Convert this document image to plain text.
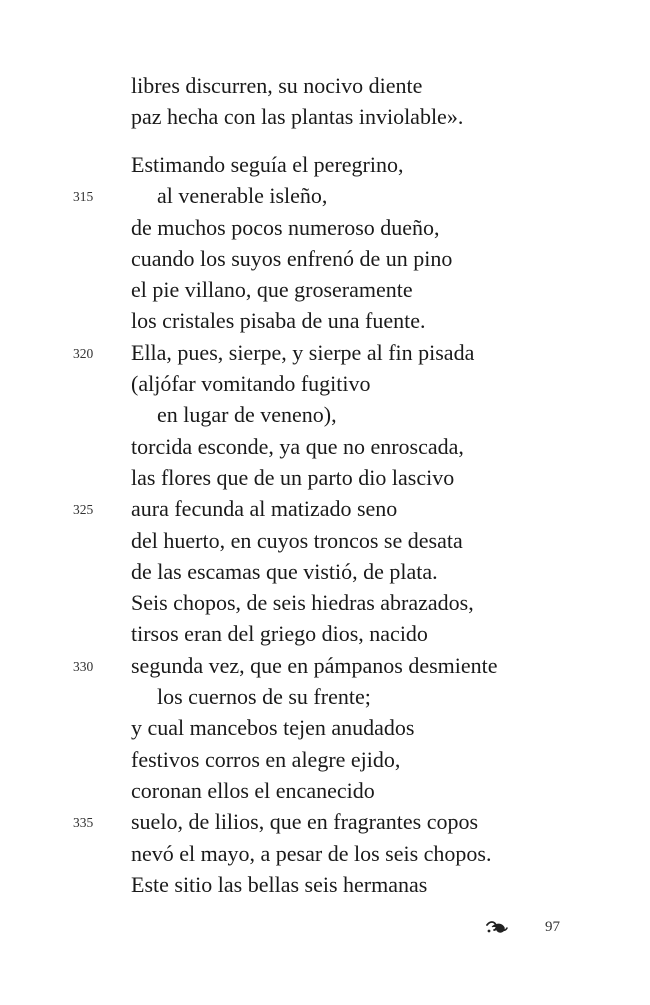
libres discurren, su nocivo diente
paz hecha con las plantas inviolable».
Estimando seguía el peregrino,
315	al venerable isleño,
de muchos pocos numeroso dueño,
cuando los suyos enfrenó de un pino
el pie villano, que groseramente
los cristales pisaba de una fuente.
320 Ella, pues, sierpe, y sierpe al fin pisada
(aljófar vomitando fugitivo
en lugar de veneno),
torcida esconde, ya que no enroscada,
las flores que de un parto dio lascivo
325 aura fecunda al matizado seno
del huerto, en cuyos troncos se desata
de las escamas que vistió, de plata.
Seis chopos, de seis hiedras abrazados,
tirsos eran del griego dios, nacido
330 segunda vez, que en pámpanos desmiente
los cuernos de su frente;
y cual mancebos tejen anudados
festivos corros en alegre ejido,
coronan ellos el encanecido
335 suelo, de lilios, que en fragrantes copos
nevó el mayo, a pesar de los seis chopos.
Este sitio las bellas seis hermanas
97
